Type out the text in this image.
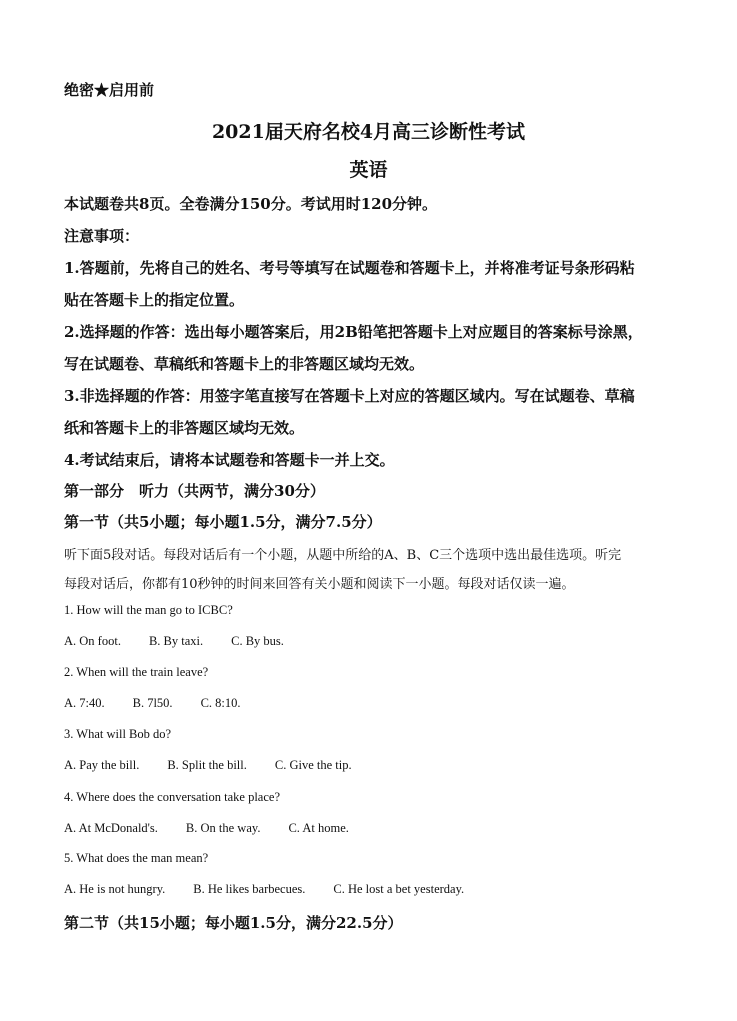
绝密★启用前
2021届天府名校4月高三诊断性考试
英语
本试题卷共8页。全卷满分150分。考试用时120分钟。
注意事项：
1.答题前，先将自己的姓名、考号等填写在试题卷和答题卡上，并将准考证号条形码粘
贴在答题卡上的指定位置。
2.选择题的作答：选出每小题答案后，用2B铅笔把答题卡上对应题目的答案标号涂黑，
写在试题卷、草稿纸和答题卡上的非答题区域均无效。
3.非选择题的作答：用签字笔直接写在答题卡上对应的答题区域内。写在试题卷、草稿
纸和答题卡上的非答题区域均无效。
4.考试结束后，请将本试题卷和答题卡一并上交。
第一部分　听力（共两节，满分30分）
第一节（共5小题；每小题1.5分，满分7.5分）
听下面5段对话。每段对话后有一个小题，从题中所给的A、B、C三个选项中选出最佳选项。听完
每段对话后，你都有10秒钟的时间来回答有关小题和阅读下一小题。每段对话仅读一遍。
1. How will the man go to ICBC?
A. On foot. B. By taxi. C. By bus.
2. When will the train leave?
A. 7:40. B. 7l50. C. 8:10.
3. What will Bob do?
A. Pay the bill. B. Split the bill. C. Give the tip.
4. Where does the conversation take place?
A. At McDonald's. B. On the way. C. At home.
5. What does the man mean?
A. He is not hungry. B. He likes barbecues. C. He lost a bet yesterday.
第二节（共15小题；每小题1.5分，满分22.5分）
